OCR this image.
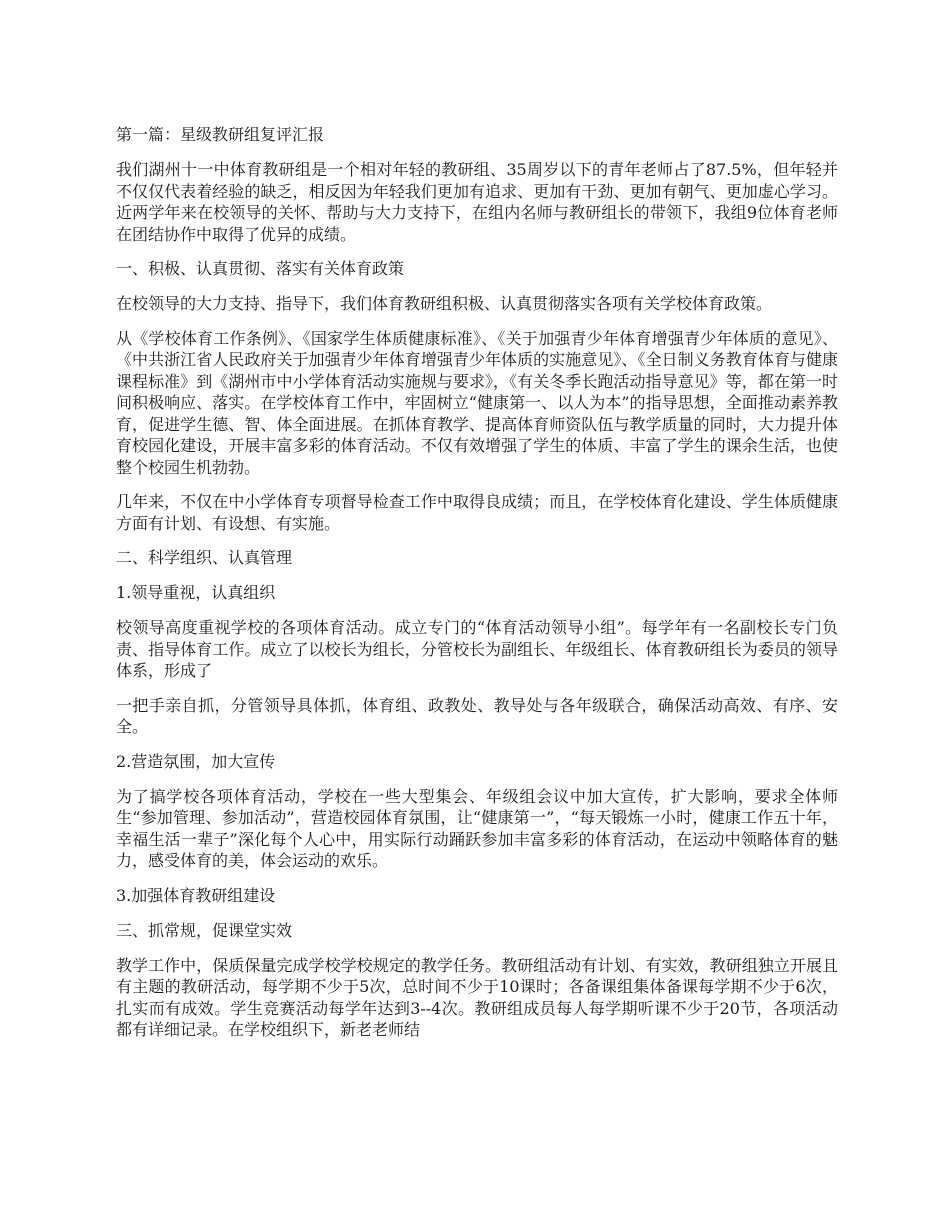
第一篇：星级教研组复评汇报

我们湖州十一中体育教研组是一个相对年轻的教研组、35周岁以下的青年老师占了87.5%，但年轻并不仅仅代表着经验的缺乏，相反因为年轻我们更加有追求、更加有干劲、更加有朝气、更加虚心学习。近两学年来在校领导的关怀、帮助与大力支持下，在组内名师与教研组长的带领下，我组9位体育老师在团结协作中取得了优异的成绩。

一、积极、认真贯彻、落实有关体育政策

在校领导的大力支持、指导下，我们体育教研组积极、认真贯彻落实各项有关学校体育政策。

从《学校体育工作条例》、《国家学生体质健康标准》、《关于加强青少年体育增强青少年体质的意见》、《中共浙江省人民政府关于加强青少年体育增强青少年体质的实施意见》、《全日制义务教育体育与健康课程标准》到《湖州市中小学体育活动实施规与要求》，《有关冬季长跑活动指导意见》等，都在第一时间积极响应、落实。在学校体育工作中，牢固树立“健康第一、以人为本”的指导思想，全面推动素养教育，促进学生德、智、体全面进展。在抓体育教学、提高体育师资队伍与教学质量的同时，大力提升体育校园化建设，开展丰富多彩的体育活动。不仅有效增强了学生的体质、丰富了学生的课余生活，也使整个校园生机勃勃。

几年来，不仅在中小学体育专项督导检查工作中取得良成绩；而且，在学校体育化建设、学生体质健康方面有计划、有设想、有实施。

二、科学组织、认真管理
1.领导重视，认真组织

校领导高度重视学校的各项体育活动。成立专门的“体育活动领导小组”。每学年有一名副校长专门负责、指导体育工作。成立了以校长为组长，分管校长为副组长、年级组长、体育教研组长为委员的领导体系，形成了

一把手亲自抓，分管领导具体抓，体育组、政教处、教导处与各年级联合，确保活动高效、有序、安全。

2.营造氛围，加大宣传

为了搞学校各项体育活动，学校在一些大型集会、年级组会议中加大宣传，扩大影响，要求全体师生“参加管理、参加活动”，营造校园体育氛围，让“健康第一”，“每天锻炼一小时，健康工作五十年，幸福生活一辈子”深化每个人心中，用实际行动踊跃参加丰富多彩的体育活动，在运动中领略体育的魅力，感受体育的美，体会运动的欢乐。

3.加强体育教研组建设
三、抓常规，促课堂实效

教学工作中，保质保量完成学校学校规定的教学任务。教研组活动有计划、有实效，教研组独立开展且有主题的教研活动，每学期不少于5次，总时间不少于10课时；各备课组集体备课每学期不少于6次，扎实而有成效。学生竞赛活动每学年达到3--4次。教研组成员每人每学期听课不少于20节，各项活动都有详细记录。在学校组织下，新老老师结
